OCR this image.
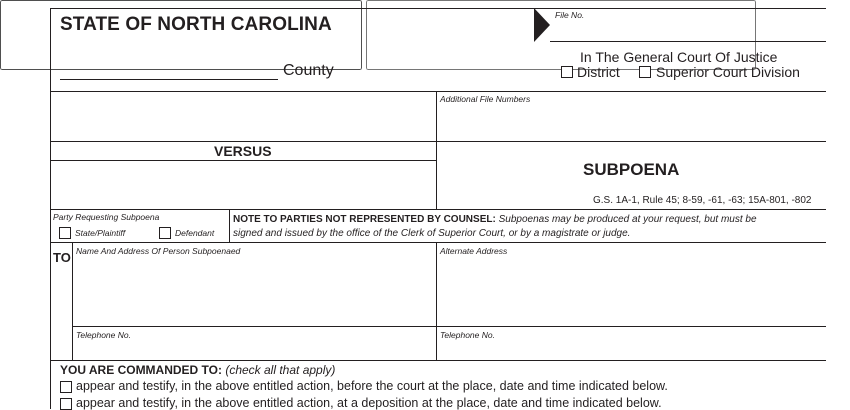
STATE OF NORTH CAROLINA
County
File No.
In The General Court Of Justice
District	Superior Court Division
Additional File Numbers
VERSUS
SUBPOENA
G.S. 1A-1, Rule 45; 8-59, -61, -63; 15A-801, -802
Party Requesting Subpoena
State/Plaintiff	Defendant
NOTE TO PARTIES NOT REPRESENTED BY COUNSEL: Subpoenas may be produced at your request, but must be
signed and issued by the office of the Clerk of Superior Court, or by a magistrate or judge.
TO Name And Address Of Person Subpoenaed	Alternate Address

Telephone No.	Telephone No.
YOU ARE COMMANDED TO: (check all that apply)
appear and testify, in the above entitled action, before the court at the place, date and time indicated below.
appear and testify, in the above entitled action, at a deposition at the place, date and time indicated below.
